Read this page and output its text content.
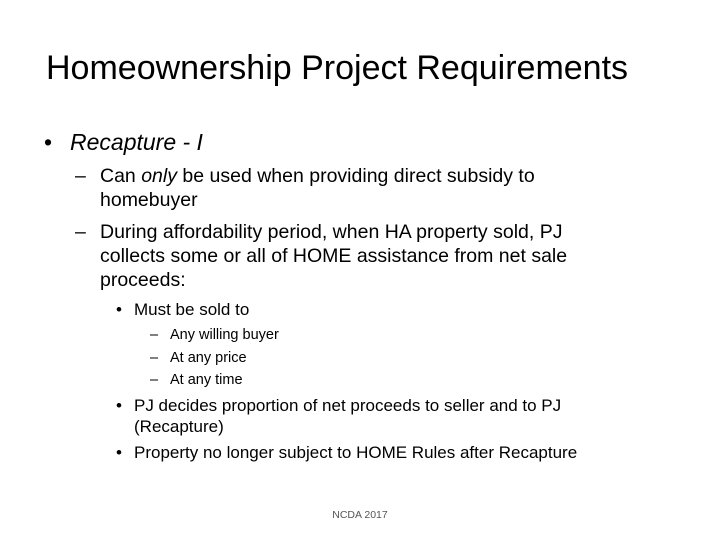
Homeownership Project Requirements
• Recapture - I
– Can only be used when providing direct subsidy to
homebuyer
– During affordability period, when HA property sold, PJ
collects some or all of HOME assistance from net sale
proceeds:
• Must be sold to
– Any willing buyer
– At any price
– At any time
• PJ decides proportion of net proceeds to seller and to PJ
(Recapture)
• Property no longer subject to HOME Rules after Recapture
NCDA 2017
